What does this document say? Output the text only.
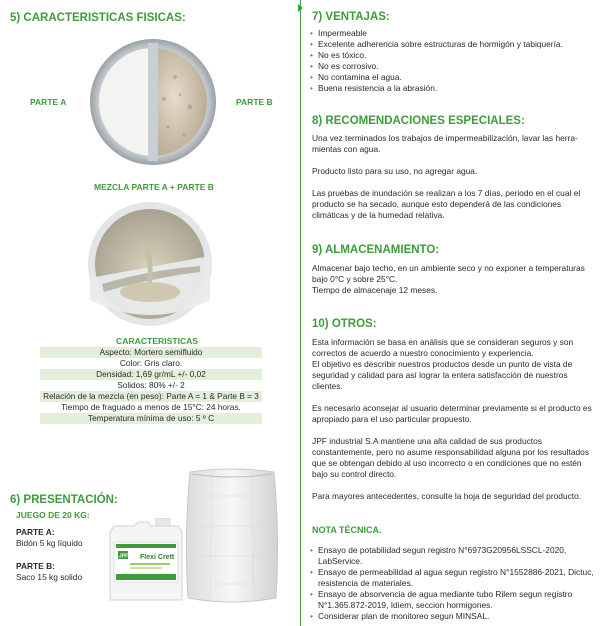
5) CARACTERISTICAS FISICAS:
PARTE A	PARTE B
MEZCLA PARTE A + PARTE B
CARACTERISTICAS
Aspecto: Mortero semifluido
Color: Gris claro.
Densidad: 1,69 gr/mL +/- 0,02
Solidos: 80% +/- 2
Relación de la mezcla (en peso): Parte A = 1 & Parte B = 3
Tiempo de fraguado a menos de 15°C: 24 horas.
Temperatura mínima de uso: 5 º C
6) PRESENTACIÓN:
JUEGO DE 20 KG:
PARTE A:
Bidón 5 kg líquido
PARTE B:
Saco 15 kg solido
JPF Flexi Crett
7) VENTAJAS:
• Impermeable
• Excelente adherencia sobre estructuras de hormigón y tabiquería.
• No es tóxico.
• No es corrosivo.
• No contamina el agua.
• Buena resistencia a la abrasión.
8) RECOMENDACIONES ESPECIALES:

Una vez terminados los trabajos de impermeabilización, lavar las herra-mientas con agua.

Producto listo para su uso, no agregar agua.

Las pruebas de inundación se realizan a los 7 días, periodo en el cual el producto se ha secado, aunque esto dependerá de las condiciones climáticas y de la humedad relativa.

9) ALMACENAMIENTO:

Almacenar bajo techo, en un ambiente seco y no exponer a temperaturas bajo 0°C y sobre 25°C.

Tiempo de almacenaje 12 meses.

10) OTROS:

Esta información se basa en análisis que se consideran seguros y son correctos de acuerdo a nuestro conocimiento y experiencia.

El objetivo es describir nuestros productos desde un punto de vista de seguridad y calidad para así lograr la entera satisfacción de nuestros clientes.

Es necesario aconsejar al usuario determinar previamente si el producto es apropiado para el uso particular propuesto.

JPF industrial S.A mantiene una alta calidad de sus productos constantemente, pero no asume responsabilidad alguna por los resultados que se obtengan debido al uso incorrecto o en condiciones que no estén bajo su control directo.

Para mayores antecedentes, consulte la hoja de seguridad del producto.

NOTA TÉCNICA.
• Ensayo de potabilidad segun registro N°6973G20956LSSCL-2020, LabService.
• Ensayo de permeabilidad al agua segun registro N°1552886-2021, Dictuc, resistencia de materiales.
• Ensayo de absorvencia de agua mediante tubo Rilem segun registro N°1.365.872-2019, Idiem, seccion hormigones.
• Considerar plan de monitoreo segun MINSAL.
